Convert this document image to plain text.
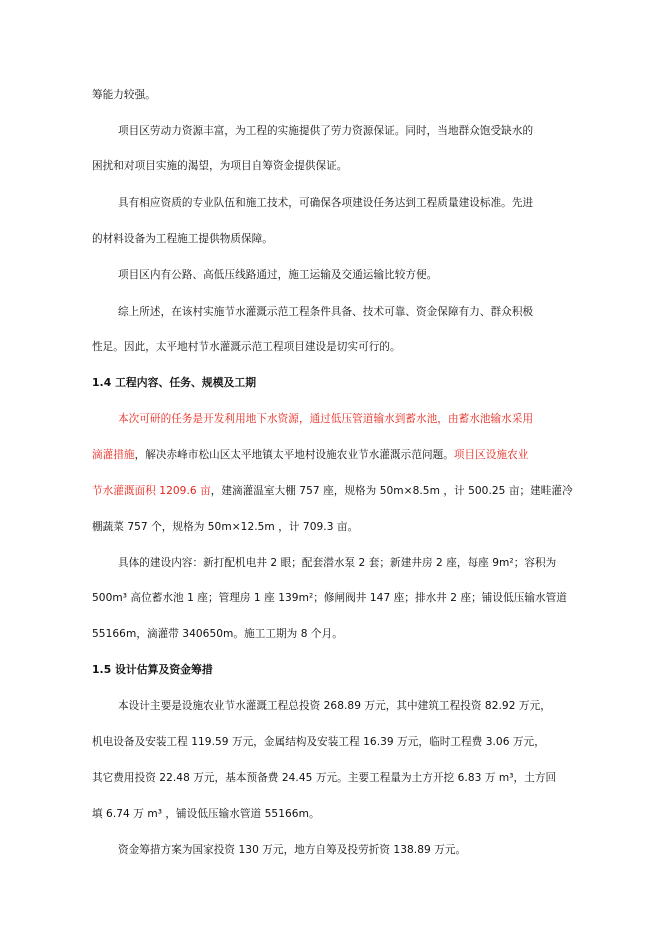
筹能力较强。
项目区劳动力资源丰富，为工程的实施提供了劳力资源保证。同时，当地群众饱受缺水的
困扰和对项目实施的渴望，为项目自筹资金提供保证。
具有相应资质的专业队伍和施工技术，可确保各项建设任务达到工程质量建设标准。先进
的材料设备为工程施工提供物质保障。
项目区内有公路、高低压线路通过，施工运输及交通运输比较方便。
综上所述，在该村实施节水灌溉示范工程条件具备、技术可靠、资金保障有力、群众积极
性足。因此，太平地村节水灌溉示范工程项目建设是切实可行的。
1.4 工程内容、任务、规模及工期
本次可研的任务是开发利用地下水资源，通过低压管道输水到蓄水池，由蓄水池输水采用
滴灌措施，解决赤峰市松山区太平地镇太平地村设施农业节水灌溉示范问题。项目区设施农业
节水灌溉面积 1209.6 亩，建滴灌温室大棚 757 座，规格为 50m×8.5m ，计 500.25 亩；建畦灌冷
棚蔬菜 757 个，规格为 50m×12.5m ，计 709.3 亩。
具体的建设内容：新打配机电井 2 眼；配套潜水泵 2 套；新建井房 2 座，每座 9m²；容积为
500m³ 高位蓄水池 1 座；管理房 1 座 139m²；修闸阀井 147 座；排水井 2 座；铺设低压输水管道
55166m，滴灌带 340650m。施工工期为 8 个月。
1.5 设计估算及资金筹措
本设计主要是设施农业节水灌溉工程总投资 268.89 万元，其中建筑工程投资 82.92 万元，
机电设备及安装工程 119.59 万元，金属结构及安装工程 16.39 万元，临时工程费 3.06 万元，
其它费用投资 22.48 万元，基本预备费 24.45 万元。主要工程量为土方开挖 6.83 万 m³，土方回
填 6.74 万 m³ ，铺设低压输水管道 55166m。
资金筹措方案为国家投资 130 万元，地方自筹及投劳折资 138.89 万元。
